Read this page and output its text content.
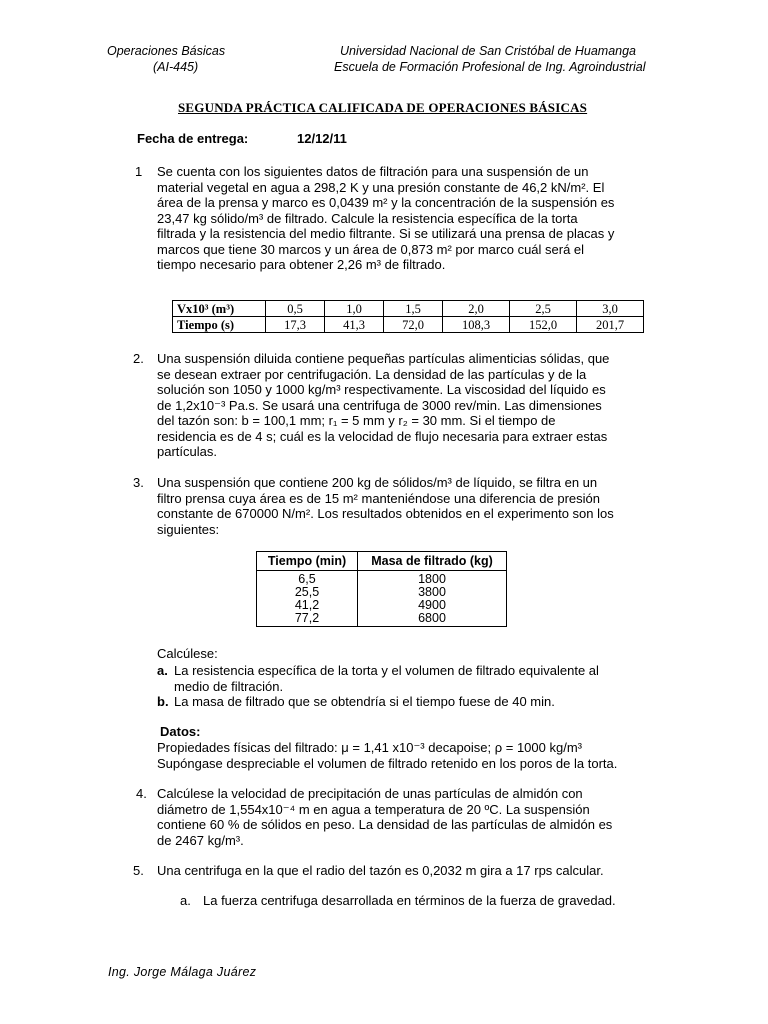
Operaciones Básicas
(AI-445)
Universidad Nacional de San Cristóbal de Huamanga
Escuela de Formación Profesional de Ing. Agroindustrial
SEGUNDA PRÁCTICA CALIFICADA DE OPERACIONES BÁSICAS
Fecha de entrega:	12/12/11
1 Se cuenta con los siguientes datos de filtración para una suspensión de un
material vegetal en agua a 298,2 K y una presión constante de 46,2 kN/m². El
área de la prensa y marco es 0,0439 m² y la concentración de la suspensión es
23,47 kg sólido/m³ de filtrado. Calcule la resistencia específica de la torta
filtrada y la resistencia del medio filtrante. Si se utilizará una prensa de placas y
marcos que tiene 30 marcos y un área de 0,873 m² por marco cuál será el
tiempo necesario para obtener 2,26 m³ de filtrado.
Vx10³ (m³)	0,5	1,0	1,5	2,0	2,5	3,0
Tiempo (s)	17,3	41,3	72,0	108,3	152,0	201,7
2. Una suspensión diluida contiene pequeñas partículas alimenticias sólidas, que
se desean extraer por centrifugación. La densidad de las partículas y de la
solución son 1050 y 1000 kg/m³ respectivamente. La viscosidad del líquido es
de 1,2x10⁻³ Pa.s. Se usará una centrifuga de 3000 rev/min. Las dimensiones
del tazón son: b = 100,1 mm; r₁ = 5 mm y r₂ = 30 mm. Si el tiempo de
residencia es de 4 s; cuál es la velocidad de flujo necesaria para extraer estas
partículas.
3. Una suspensión que contiene 200 kg de sólidos/m³ de líquido, se filtra en un
filtro prensa cuya área es de 15 m² manteniéndose una diferencia de presión
constante de 670000 N/m². Los resultados obtenidos en el experimento son los
siguientes:
Tiempo (min)	Masa de filtrado (kg)
6,5	1800
25,5	3800
41,2	4900
77,2	6800
Calcúlese:
a. La resistencia específica de la torta y el volumen de filtrado equivalente al
medio de filtración.
b. La masa de filtrado que se obtendría si el tiempo fuese de 40 min.
Datos:
Propiedades físicas del filtrado: μ = 1,41 x10⁻³ decapoise; ρ = 1000 kg/m³
Supóngase despreciable el volumen de filtrado retenido en los poros de la torta.
4. Calcúlese la velocidad de precipitación de unas partículas de almidón con
diámetro de 1,554x10⁻⁴ m en agua a temperatura de 20 ºC. La suspensión
contiene 60 % de sólidos en peso. La densidad de las partículas de almidón es
de 2467 kg/m³.
5. Una centrifuga en la que el radio del tazón es 0,2032 m gira a 17 rps calcular.
a. La fuerza centrifuga desarrollada en términos de la fuerza de gravedad.
Ing. Jorge Málaga Juárez
